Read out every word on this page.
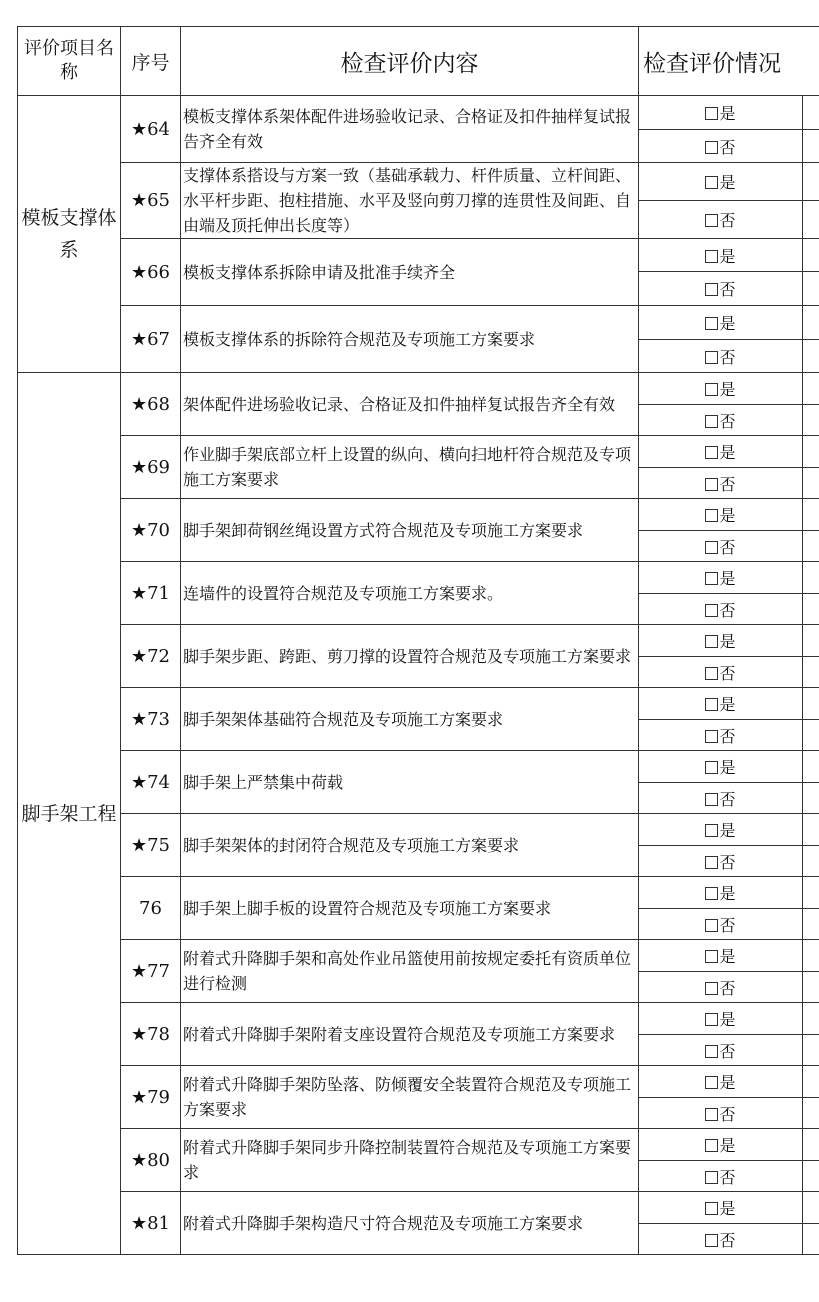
评价项目名称	序号	检查评价内容	检查评价情况	
模板支撑体系	★64	模板支撑体系架体配件进场验收记录、合格证及扣件抽样复试报告齐全有效	是	
			否	
	★65	支撑体系搭设与方案一致（基础承载力、杆件质量、立杆间距、水平杆步距、抱柱措施、水平及竖向剪刀撑的连贯性及间距、自由端及顶托伸出长度等）	是	
			否	
	★66	模板支撑体系拆除申请及批准手续齐全	是	
			否	
	★67	模板支撑体系的拆除符合规范及专项施工方案要求	是	
			否	
脚手架工程	★68	架体配件进场验收记录、合格证及扣件抽样复试报告齐全有效	是	
			否	
	★69	作业脚手架底部立杆上设置的纵向、横向扫地杆符合规范及专项施工方案要求	是	
			否	
	★70	脚手架卸荷钢丝绳设置方式符合规范及专项施工方案要求	是	
			否	
	★71	连墙件的设置符合规范及专项施工方案要求。	是	
			否	
	★72	脚手架步距、跨距、剪刀撑的设置符合规范及专项施工方案要求	是	
			否	
	★73	脚手架架体基础符合规范及专项施工方案要求	是	
			否	
	★74	脚手架上严禁集中荷载	是	
			否	
	★75	脚手架架体的封闭符合规范及专项施工方案要求	是	
			否	
	76	脚手架上脚手板的设置符合规范及专项施工方案要求	是	
			否	
	★77	附着式升降脚手架和高处作业吊篮使用前按规定委托有资质单位进行检测	是	
			否	
	★78	附着式升降脚手架附着支座设置符合规范及专项施工方案要求	是	
			否	
	★79	附着式升降脚手架防坠落、防倾覆安全装置符合规范及专项施工方案要求	是	
			否	
	★80	附着式升降脚手架同步升降控制装置符合规范及专项施工方案要求	是	
			否	
	★81	附着式升降脚手架构造尺寸符合规范及专项施工方案要求	是	
			否	
